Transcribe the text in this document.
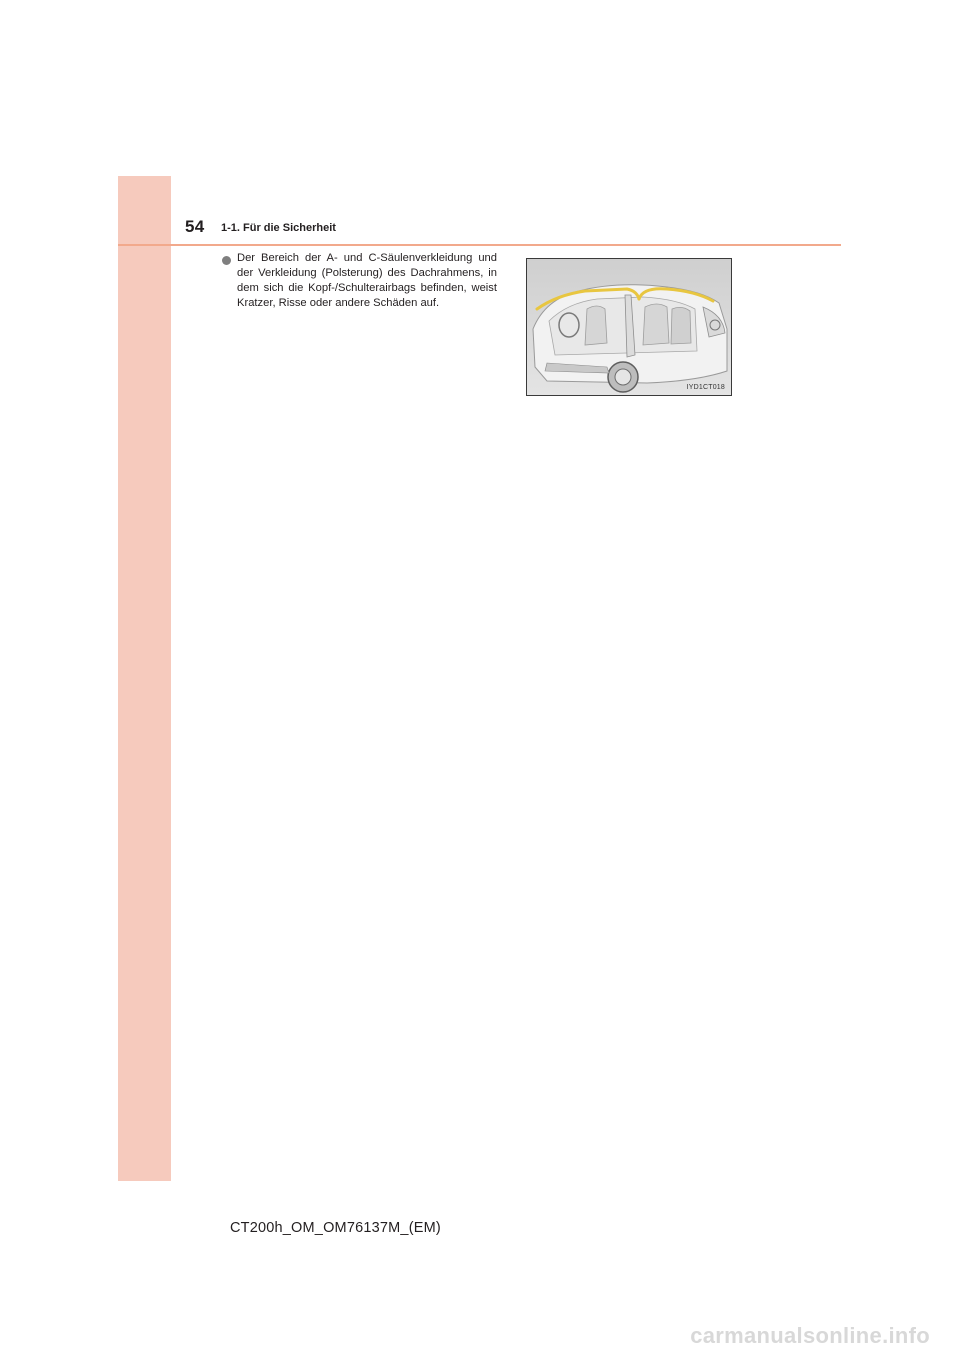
54 1-1. Für die Sicherheit
Der Bereich der A- und C-Säulenverkleidung und der Verkleidung (Polsterung) des Dachrahmens, in dem sich die Kopf-/Schulterairbags befinden, weist Kratzer, Risse oder andere Schäden auf.
IYD1CT018
CT200h_OM_OM76137M_(EM)
carmanualsonline.info
